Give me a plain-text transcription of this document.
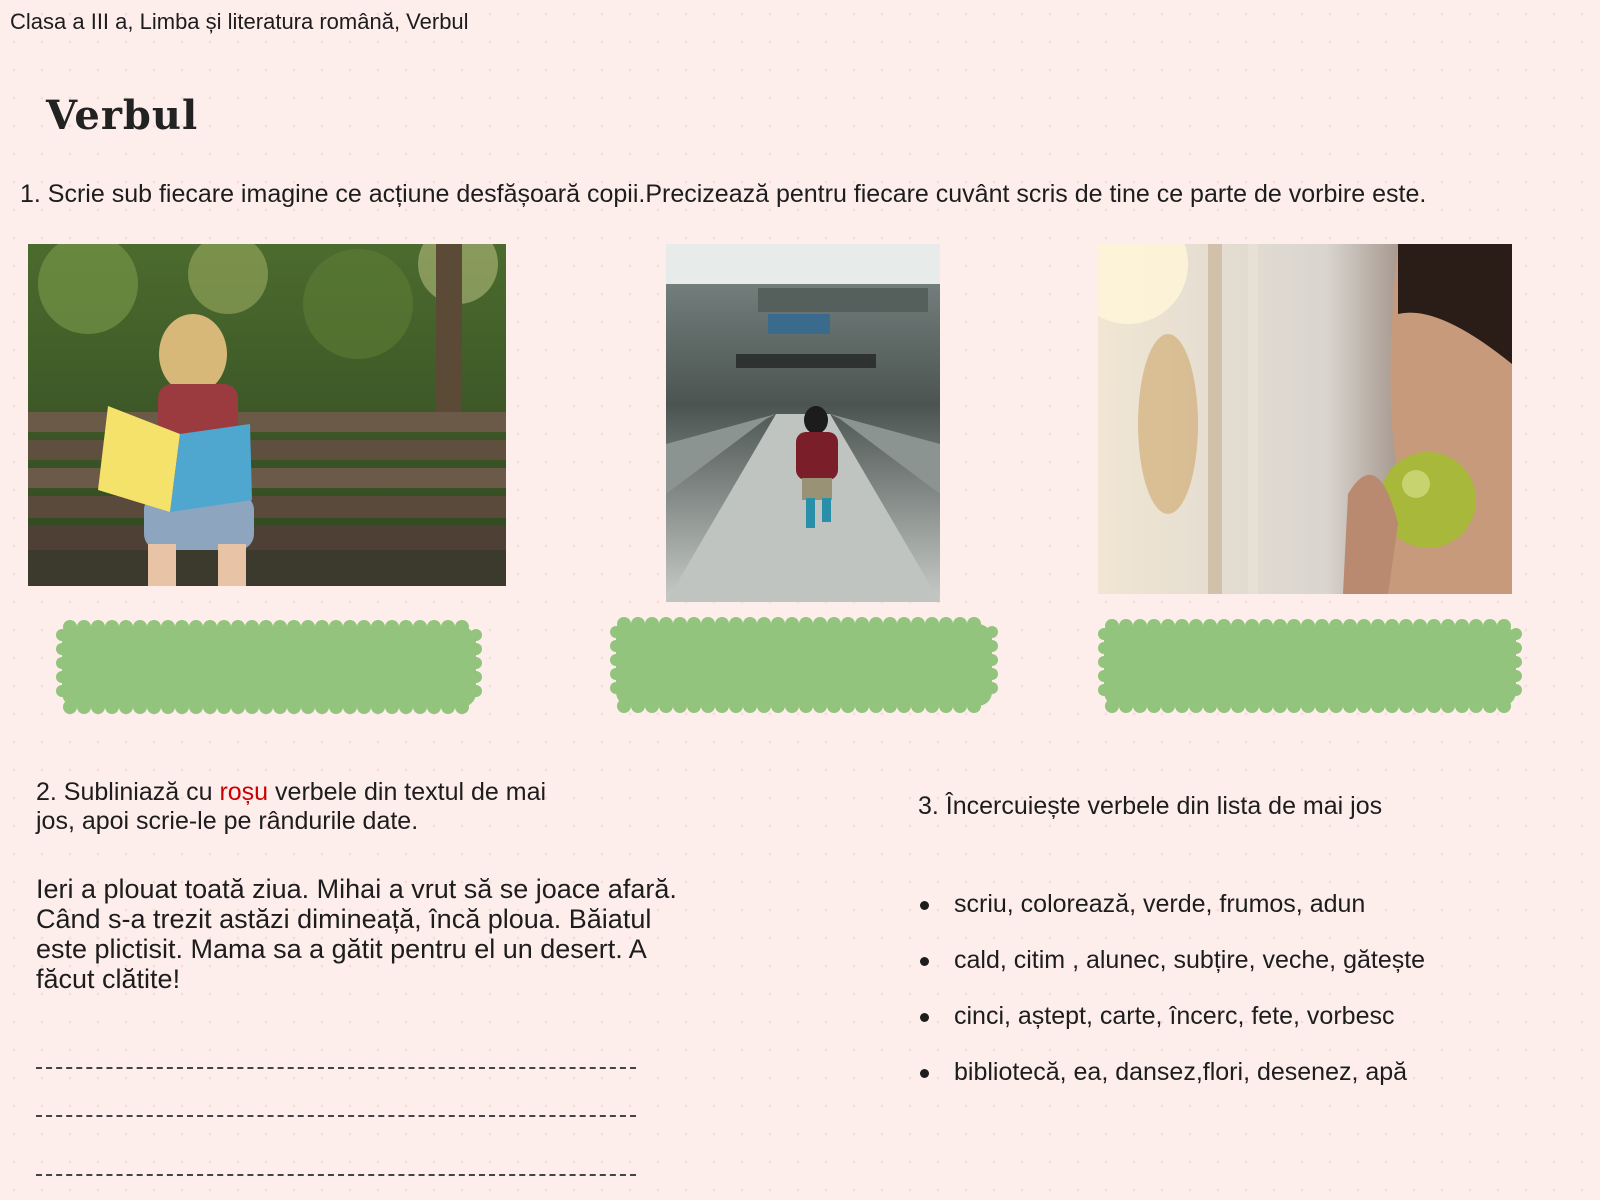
Clasa a III a, Limba și literatura română, Verbul
Verbul
1. Scrie sub fiecare imagine ce acțiune desfășoară copii.Precizează pentru fiecare cuvânt scris de tine ce parte de vorbire este.
2. Subliniază cu roșu verbele din textul de mai jos, apoi scrie-le pe rândurile date.
Ieri a plouat toată ziua. Mihai a vrut să se joace afară. Când s-a trezit astăzi dimineață, încă ploua. Băiatul este plictisit. Mama sa a gătit pentru el un desert. A făcut clătite!
3. Încercuiește verbele din lista de mai jos
scriu, colorează, verde, frumos, adun
cald, citim , alunec, subțire, veche, gătește
cinci, aștept, carte, încerc, fete, vorbesc
bibliotecă, ea, dansez,flori, desenez, apă
